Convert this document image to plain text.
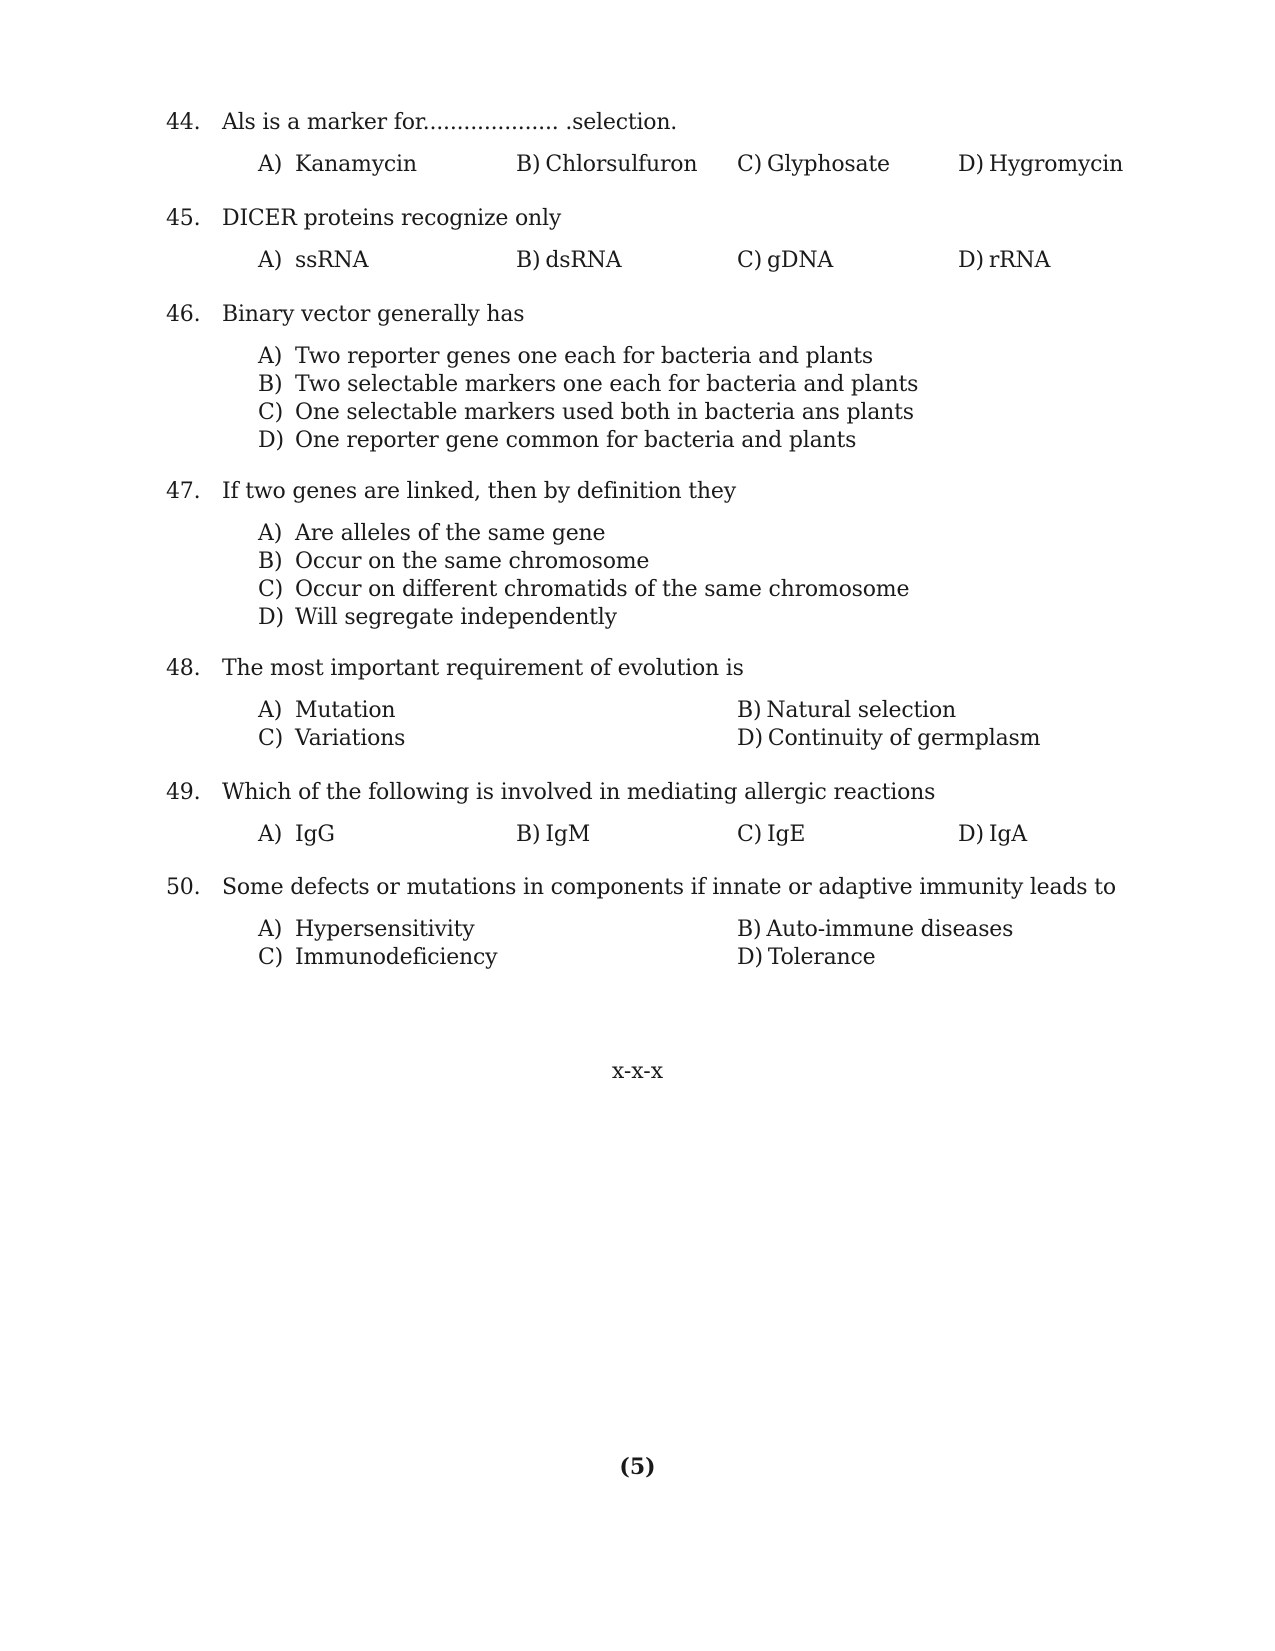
44. Als is a marker for.................... .selection.
A) Kanamycin	B) Chlorsulfuron C) Glyphosate	D) Hygromycin
45. DICER proteins recognize only
A) ssRNA	B) dsRNA	C) gDNA	D) rRNA
46. Binary vector generally has
A) Two reporter genes one each for bacteria and plants
B) Two selectable markers one each for bacteria and plants
C) One selectable markers used both in bacteria ans plants
D) One reporter gene common for bacteria and plants
47. If two genes are linked, then by definition they
A) Are alleles of the same gene
B) Occur on the same chromosome
C) Occur on different chromatids of the same chromosome
D) Will segregate independently
48. The most important requirement of evolution is
A) Mutation	B) Natural selection
C) Variations	D) Continuity of germplasm
49. Which of the following is involved in mediating allergic reactions
A) IgG	B) IgM	C) IgE	D) IgA
50. Some defects or mutations in components if innate or adaptive immunity leads to
A) Hypersensitivity	B) Auto-immune diseases
C) Immunodeficiency	D) Tolerance
x-x-x
(5)
